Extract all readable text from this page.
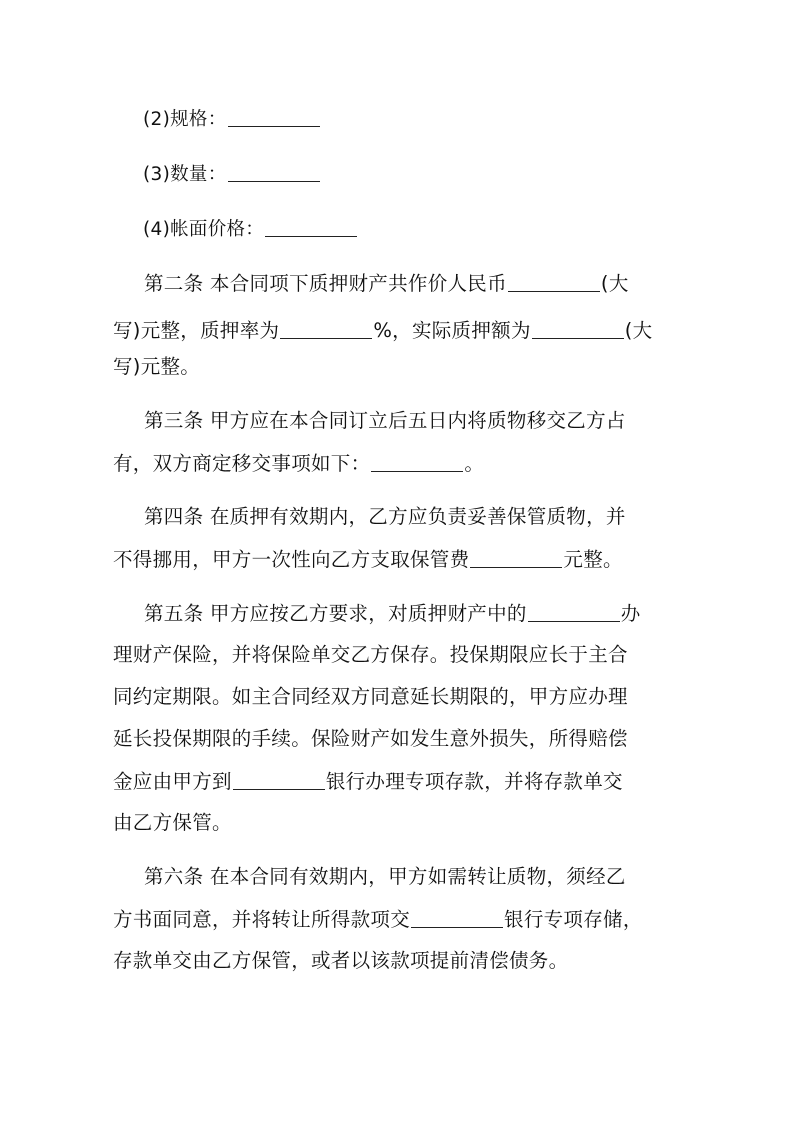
(2)规格：
(3)数量：
(4)帐面价格：
第二条 本合同项下质押财产共作价人民币	(大
写)元整，质押率为	%，实际质押额为	(大
写)元整。
第三条 甲方应在本合同订立后五日内将质物移交乙方占
有，双方商定移交事项如下：	。
第四条 在质押有效期内，乙方应负责妥善保管质物，并
不得挪用，甲方一次性向乙方支取保管费	元整。
第五条 甲方应按乙方要求，对质押财产中的	办
理财产保险，并将保险单交乙方保存。投保期限应长于主合
同约定期限。如主合同经双方同意延长期限的，甲方应办理
延长投保期限的手续。保险财产如发生意外损失，所得赔偿
金应由甲方到	银行办理专项存款，并将存款单交
由乙方保管。
第六条 在本合同有效期内，甲方如需转让质物，须经乙
方书面同意，并将转让所得款项交	银行专项存储，
存款单交由乙方保管，或者以该款项提前清偿债务。
